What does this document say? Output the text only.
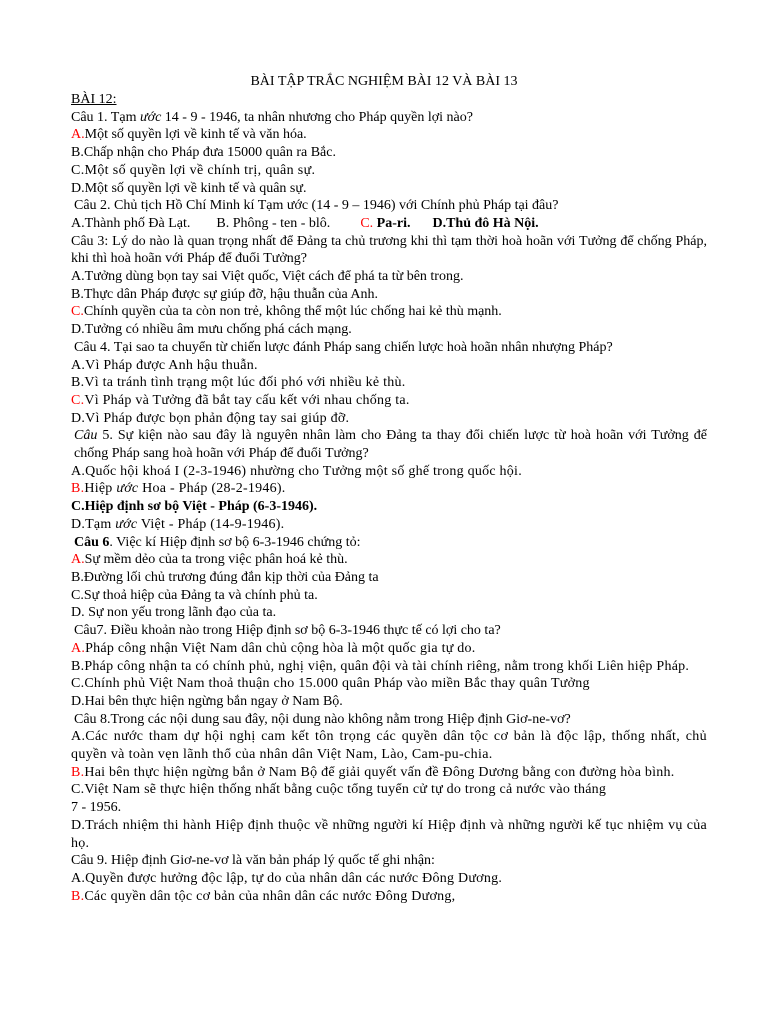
BÀI TẬP TRẮC NGHIỆM BÀI 12 VÀ BÀI 13
BÀI 12:
Câu 1. Tạm ước 14 - 9 - 1946, ta nhân nhương cho Pháp quyền lợi nào?
A.Một số quyền lợi về kinh tế và văn hóa.
B.Chấp nhận cho Pháp đưa 15000 quân ra Bắc.
C.Một số quyền lợi về chính trị, quân sự.
D.Một số quyền lợi về kinh tế và quân sự.
Câu 2. Chủ tịch Hồ Chí Minh kí Tạm ước (14 - 9 – 1946) với Chính phủ Pháp tại đâu?
A.Thành phố Đà Lạt. B. Phông - ten - blô. C. Pa-ri. D.Thủ đô Hà Nội.
Câu 3: Lý do nào là quan trọng nhất để Đảng ta chủ trương khi thì tạm thời hoà hoãn với Tưởng để chống Pháp, khi thì hoà hoãn với Pháp để đuổi Tưởng?
A.Tưởng dùng bọn tay sai Việt quốc, Việt cách để phá ta từ bên trong.
B.Thực dân Pháp được sự giúp đỡ, hậu thuẫn của Anh.
C.Chính quyền của ta còn non trẻ, không thể một lúc chống hai kẻ thù mạnh.
D.Tưởng có nhiều âm mưu chống phá cách mạng.
Câu 4. Tại sao ta chuyển từ chiến lược đánh Pháp sang chiến lược hoà hoãn nhân nhượng Pháp?
A.Vì Pháp được Anh hậu thuẫn.
B.Vì ta tránh tình trạng một lúc đối phó với nhiều kẻ thù.
C.Vì Pháp và Tưởng đã bắt tay cấu kết với nhau chống ta.
D.Vì Pháp được bọn phản động tay sai giúp đỡ.
Câu 5. Sự kiện nào sau đây là nguyên nhân làm cho Đảng ta thay đổi chiến lược từ hoà hoãn với Tưởng để chống Pháp sang hoà hoãn với Pháp để đuổi Tưởng?
A.Quốc hội khoá I (2-3-1946) nhường cho Tưởng một số ghế trong quốc hội.
B.Hiệp ước Hoa - Pháp (28-2-1946).
C.Hiệp định sơ bộ Việt - Pháp (6-3-1946).
D.Tạm ước Việt - Pháp (14-9-1946).
Câu 6. Việc kí Hiệp định sơ bộ 6-3-1946 chứng tỏ:
A.Sự mềm dẻo của ta trong việc phân hoá kẻ thù.
B.Đường lối chủ trương đúng đắn kịp thời của Đảng ta
C.Sự thoả hiệp của Đảng ta và chính phủ ta.
D. Sự non yếu trong lãnh đạo của ta.
Câu7. Điều khoản nào trong Hiệp định sơ bộ 6-3-1946 thực tế có lợi cho ta?
A.Pháp công nhận Việt Nam dân chủ cộng hòa là một quốc gia tự do.
B.Pháp công nhận ta có chính phủ, nghị viện, quân đội và tài chính riêng, nằm trong khối Liên hiệp Pháp.
C.Chính phủ Việt Nam thoả thuận cho 15.000 quân Pháp vào miền Bắc thay quân Tưởng
D.Hai bên thực hiện ngừng bắn ngay ở Nam Bộ.
Câu 8.Trong các nội dung sau đây, nội dung nào không nằm trong Hiệp định Giơ-ne-vơ?
A.Các nước tham dự hội nghị cam kết tôn trọng các quyền dân tộc cơ bản là độc lập, thống nhất, chủ quyền và toàn vẹn lãnh thổ của nhân dân Việt Nam, Lào, Cam-pu-chia.
B.Hai bên thực hiện ngừng bắn ở Nam Bộ để giải quyết vấn đề Đông Dương bằng con đường hòa bình.
C.Việt Nam sẽ thực hiện thống nhất bằng cuộc tổng tuyển cử tự do trong cả nước vào tháng
7 - 1956.
D.Trách nhiệm thi hành Hiệp định thuộc về những người kí Hiệp định và những người kế tục nhiệm vụ của họ.
Câu 9. Hiệp định Giơ-ne-vơ là văn bản pháp lý quốc tế ghi nhận:
A.Quyền được hưởng độc lập, tự do của nhân dân các nước Đông Dương.
B.Các quyền dân tộc cơ bản của nhân dân các nước Đông Dương,
